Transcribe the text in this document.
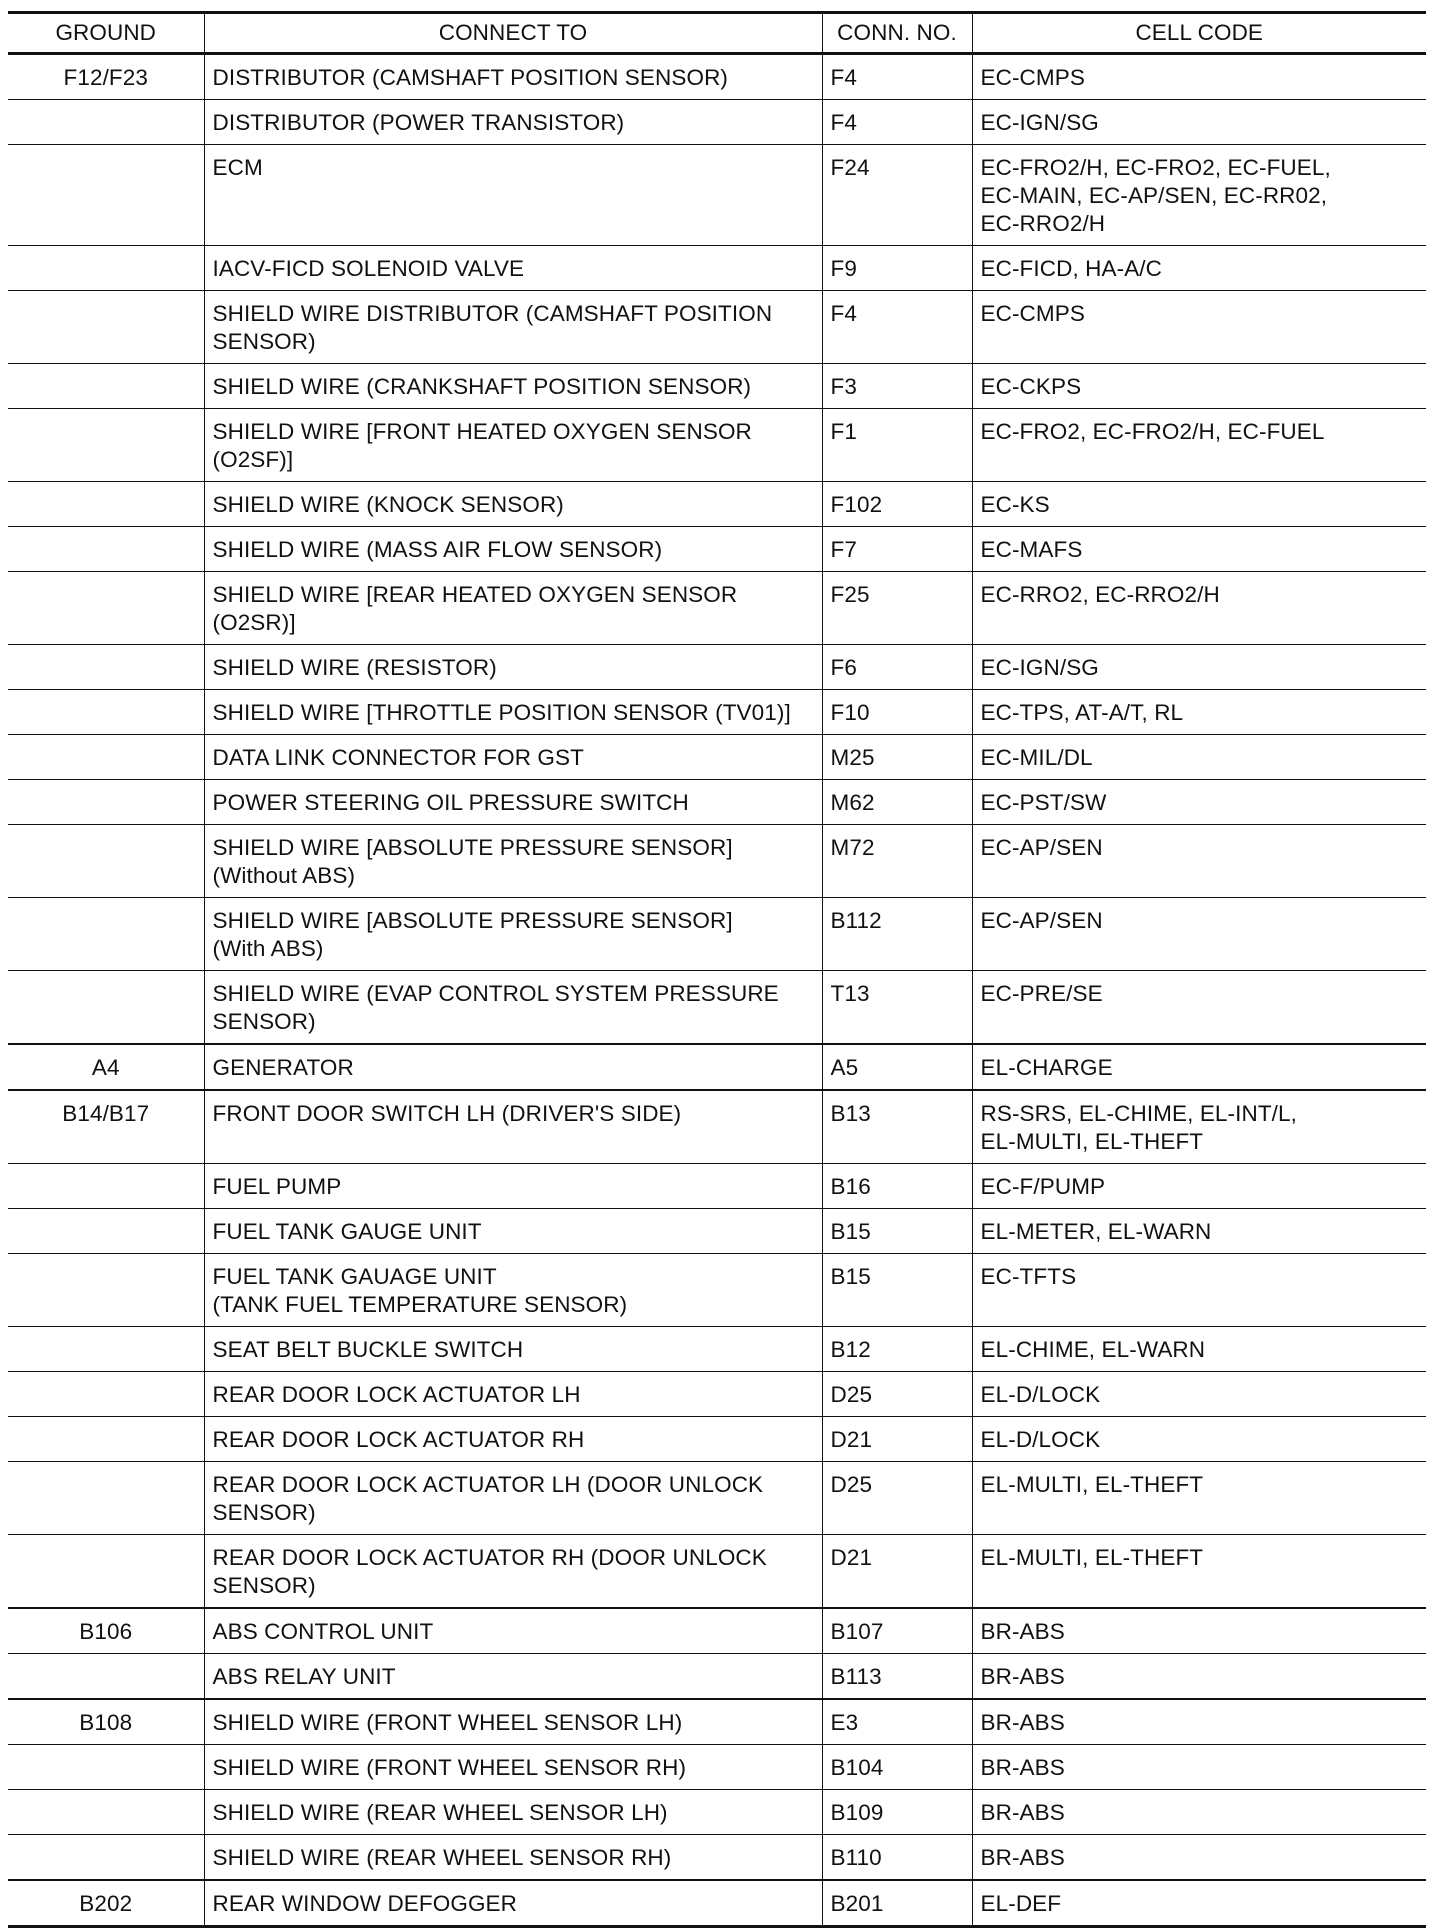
GROUND	CONNECT TO	CONN. NO.	CELL CODE
F12/F23	DISTRIBUTOR (CAMSHAFT POSITION SENSOR)	F4	EC-CMPS
	DISTRIBUTOR (POWER TRANSISTOR)	F4	EC-IGN/SG
	ECM	F24	EC-FRO2/H, EC-FRO2, EC-FUEL,
EC-MAIN, EC-AP/SEN, EC-RR02,
EC-RRO2/H
	IACV-FICD SOLENOID VALVE	F9	EC-FICD, HA-A/C
	SHIELD WIRE DISTRIBUTOR (CAMSHAFT POSITION
SENSOR)	F4	EC-CMPS
	SHIELD WIRE (CRANKSHAFT POSITION SENSOR)	F3	EC-CKPS
	SHIELD WIRE [FRONT HEATED OXYGEN SENSOR
(O2SF)]	F1	EC-FRO2, EC-FRO2/H, EC-FUEL
	SHIELD WIRE (KNOCK SENSOR)	F102	EC-KS
	SHIELD WIRE (MASS AIR FLOW SENSOR)	F7	EC-MAFS
	SHIELD WIRE [REAR HEATED OXYGEN SENSOR
(O2SR)]	F25	EC-RRO2, EC-RRO2/H
	SHIELD WIRE (RESISTOR)	F6	EC-IGN/SG
	SHIELD WIRE [THROTTLE POSITION SENSOR (TV01)]	F10	EC-TPS, AT-A/T, RL
	DATA LINK CONNECTOR FOR GST	M25	EC-MIL/DL
	POWER STEERING OIL PRESSURE SWITCH	M62	EC-PST/SW
	SHIELD WIRE [ABSOLUTE PRESSURE SENSOR]
(Without ABS)	M72	EC-AP/SEN
	SHIELD WIRE [ABSOLUTE PRESSURE SENSOR]
(With ABS)	B112	EC-AP/SEN
	SHIELD WIRE (EVAP CONTROL SYSTEM PRESSURE
SENSOR)	T13	EC-PRE/SE
A4	GENERATOR	A5	EL-CHARGE
B14/B17	FRONT DOOR SWITCH LH (DRIVER'S SIDE)	B13	RS-SRS, EL-CHIME, EL-INT/L,
EL-MULTI, EL-THEFT
	FUEL PUMP	B16	EC-F/PUMP
	FUEL TANK GAUGE UNIT	B15	EL-METER, EL-WARN
	FUEL TANK GAUAGE UNIT
(TANK FUEL TEMPERATURE SENSOR)	B15	EC-TFTS
	SEAT BELT BUCKLE SWITCH	B12	EL-CHIME, EL-WARN
	REAR DOOR LOCK ACTUATOR LH	D25	EL-D/LOCK
	REAR DOOR LOCK ACTUATOR RH	D21	EL-D/LOCK
	REAR DOOR LOCK ACTUATOR LH (DOOR UNLOCK
SENSOR)	D25	EL-MULTI, EL-THEFT
	REAR DOOR LOCK ACTUATOR RH (DOOR UNLOCK
SENSOR)	D21	EL-MULTI, EL-THEFT
B106	ABS CONTROL UNIT	B107	BR-ABS
	ABS RELAY UNIT	B113	BR-ABS
B108	SHIELD WIRE (FRONT WHEEL SENSOR LH)	E3	BR-ABS
	SHIELD WIRE (FRONT WHEEL SENSOR RH)	B104	BR-ABS
	SHIELD WIRE (REAR WHEEL SENSOR LH)	B109	BR-ABS
	SHIELD WIRE (REAR WHEEL SENSOR RH)	B110	BR-ABS
B202	REAR WINDOW DEFOGGER	B201	EL-DEF
